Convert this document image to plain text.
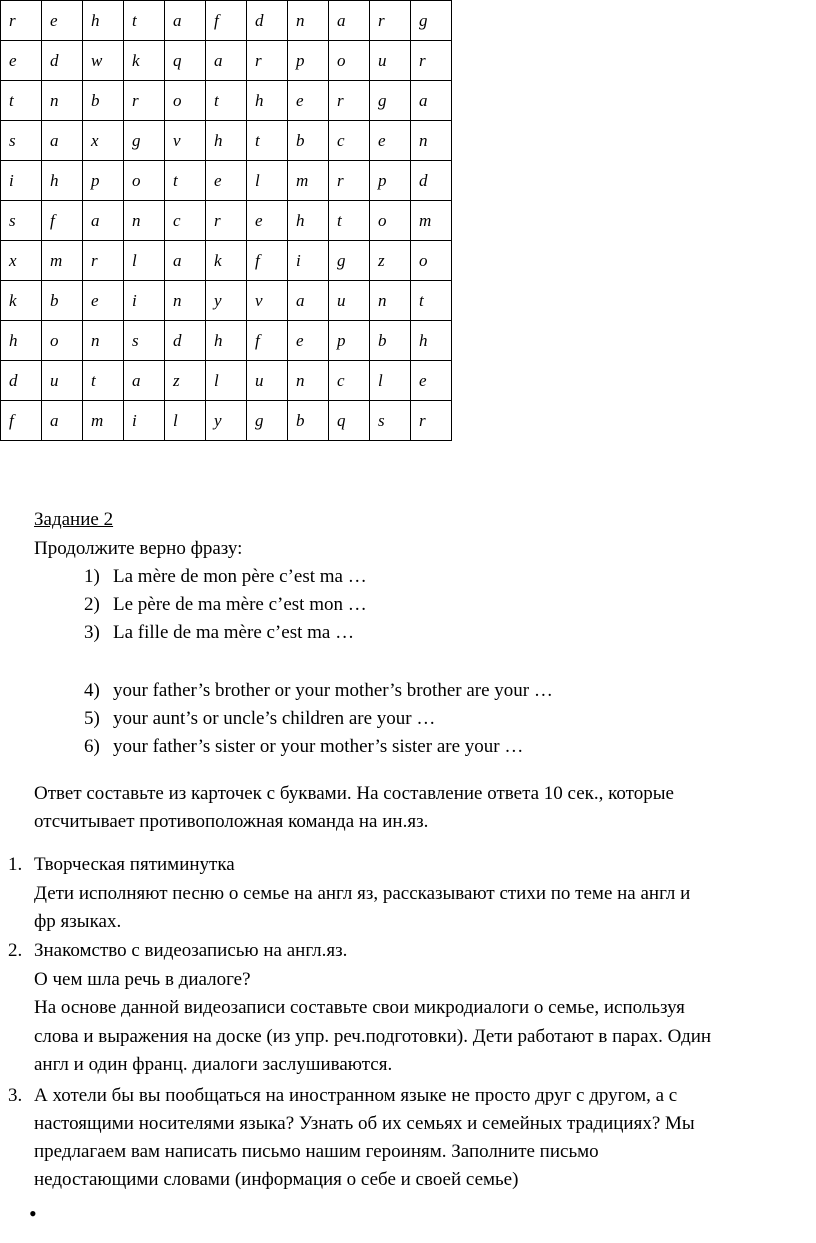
r	e	h	t	a	f	d	n	a	r	g
e	d	w	k	q	a	r	p	o	u	r
t	n	b	r	o	t	h	e	r	g	a
s	a	x	g	v	h	t	b	c	e	n
i	h	p	o	t	e	l	m	r	p	d
s	f	a	n	c	r	e	h	t	o	m
x	m	r	l	a	k	f	i	g	z	o
k	b	e	i	n	y	v	a	u	n	t
h	o	n	s	d	h	f	e	p	b	h
d	u	t	a	z	l	u	n	c	l	e
f	a	m	i	l	y	g	b	q	s	r
Задание 2
Продолжите верно фразу:
1) La mère de mon père c’est ma …
2) Le père de ma mère c’est mon …
3) La fille de ma mère c’est ma …
4) your father’s brother or your mother’s brother are your …
5) your aunt’s or uncle’s children are your …
6) your father’s sister or your mother’s sister are your …
Ответ составьте из карточек с буквами. На составление ответа 10 сек., которые
отсчитывает противоположная команда на ин.яз.
1. Творческая пятиминутка
Дети исполняют песню о семье на англ яз, рассказывают стихи по теме на англ и
фр языках.
2. Знакомство с видеозаписью на англ.яз.
О чем шла речь в диалоге?
На основе данной видеозаписи составьте свои микродиалоги о семье, используя
слова и выражения на доске (из упр. реч.подготовки). Дети работают в парах. Один
англ и один франц. диалоги заслушиваются.
3. А хотели бы вы пообщаться на иностранном языке не просто друг с другом, а с
настоящими носителями языка? Узнать об их семьях и семейных традициях? Мы
предлагаем вам написать письмо нашим героиням. Заполните письмо
недостающими словами (информация о себе и своей семье)
•
